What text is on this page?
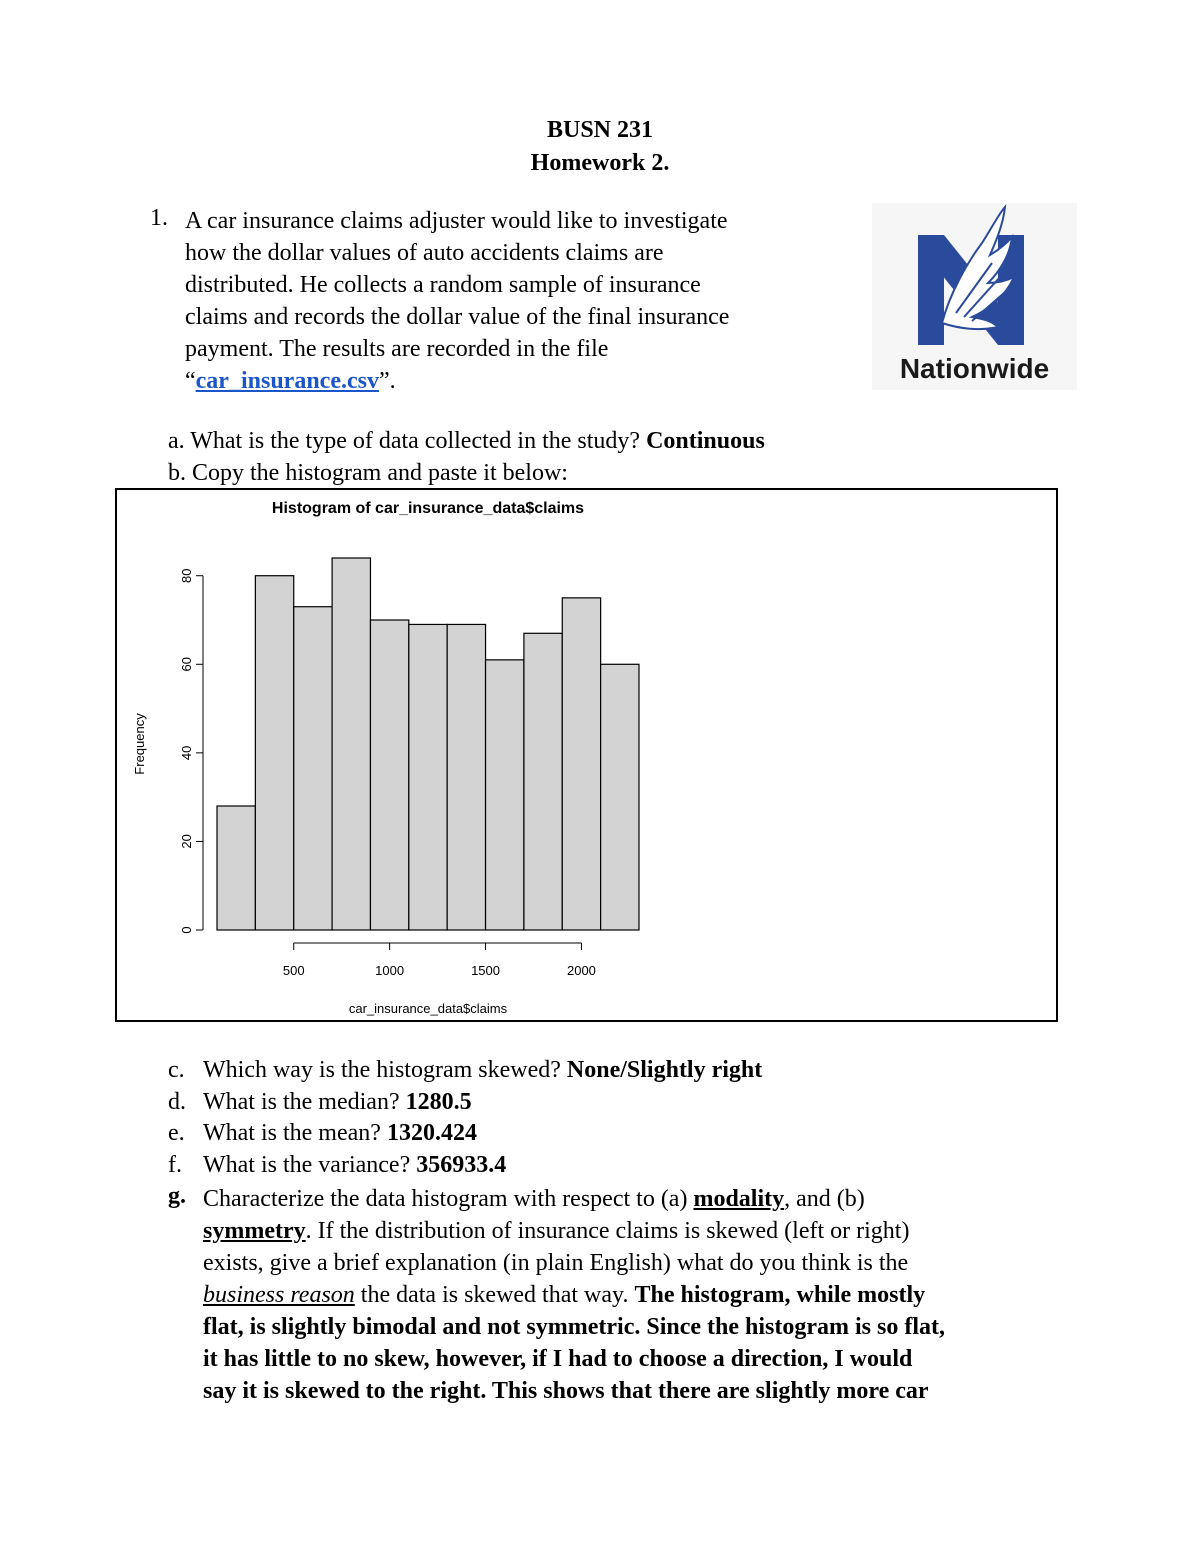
BUSN 231
Homework 2.
1. A car insurance claims adjuster would like to investigate
how the dollar values of auto accidents claims are
distributed. He collects a random sample of insurance
claims and records the dollar value of the final insurance
payment. The results are recorded in the file
“car_insurance.csv”.	Nationwide
a. What is the type of data collected in the study? Continuous
b. Copy the histogram and paste it below:
Histogram of car_insurance_data$claims
0
20
40
60
80
Frequency
500	1000	1500	2000
car_insurance_data$claims
c. Which way is the histogram skewed? None/Slightly right
d. What is the median? 1280.5
e. What is the mean? 1320.424
f. What is the variance? 356933.4
g. Characterize the data histogram with respect to (a) modality, and (b)
symmetry. If the distribution of insurance claims is skewed (left or right)
exists, give a brief explanation (in plain English) what do you think is the
business reason the data is skewed that way. The histogram, while mostly
flat, is slightly bimodal and not symmetric. Since the histogram is so flat,
it has little to no skew, however, if I had to choose a direction, I would
say it is skewed to the right. This shows that there are slightly more car
